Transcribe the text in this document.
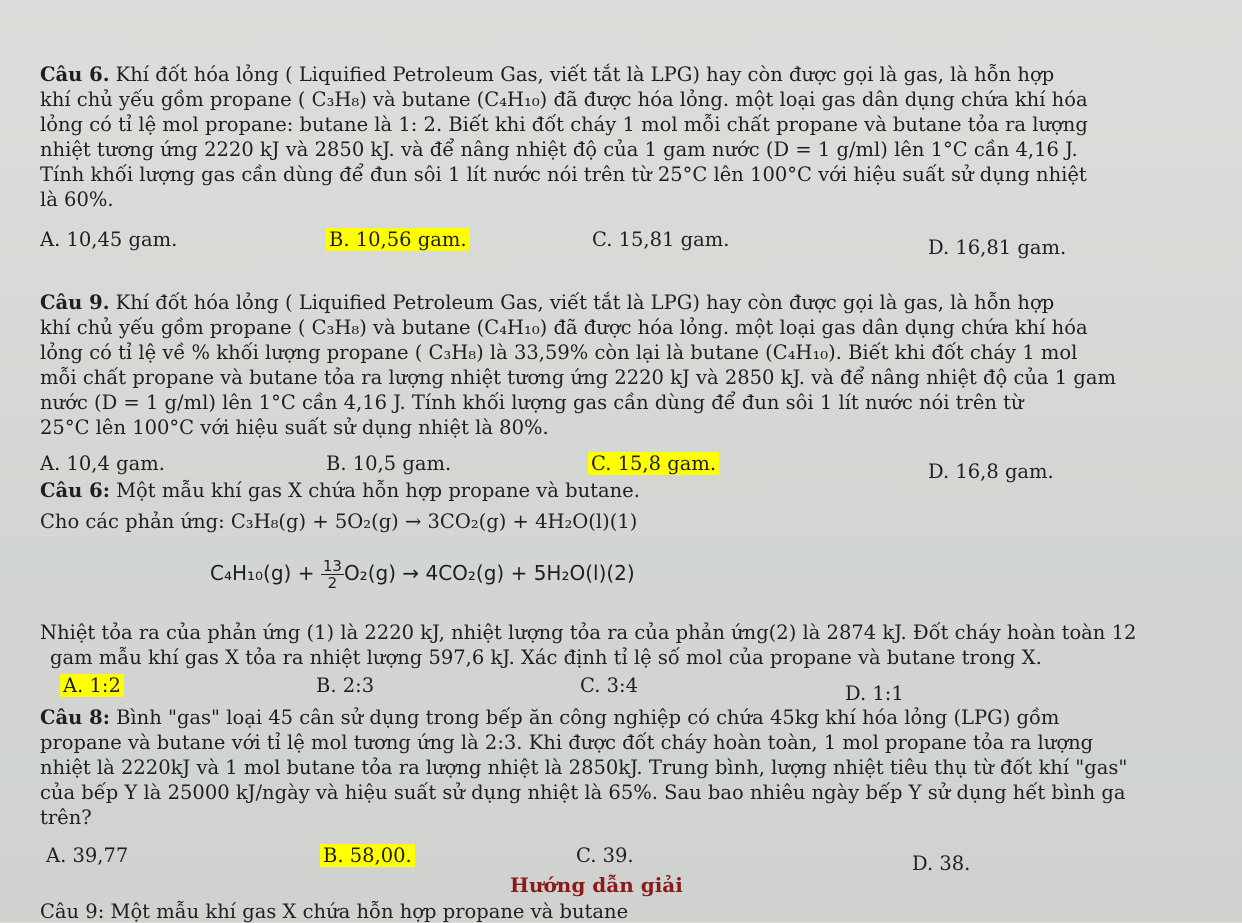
Câu 6. Khí đốt hóa lỏng ( Liquified Petroleum Gas, viết tắt là LPG) hay còn được gọi là gas, là hỗn hợp
khí chủ yếu gồm propane ( C₃H₈) và butane (C₄H₁₀) đã được hóa lỏng. một loại gas dân dụng chứa khí hóa
lỏng có tỉ lệ mol propane: butane là 1: 2. Biết khi đốt cháy 1 mol mỗi chất propane và butane tỏa ra lượng
nhiệt tương ứng 2220 kJ và 2850 kJ. và để nâng nhiệt độ của 1 gam nước (D = 1 g/ml) lên 1°C cần 4,16 J.
Tính khối lượng gas cần dùng để đun sôi 1 lít nước nói trên từ 25°C lên 100°C với hiệu suất sử dụng nhiệt
là 60%.
A. 10,45 gam.	B. 10,56 gam.	C. 15,81 gam.	D. 16,81 gam.
Câu 9. Khí đốt hóa lỏng ( Liquified Petroleum Gas, viết tắt là LPG) hay còn được gọi là gas, là hỗn hợp
khí chủ yếu gồm propane ( C₃H₈) và butane (C₄H₁₀) đã được hóa lỏng. một loại gas dân dụng chứa khí hóa
lỏng có tỉ lệ về % khối lượng propane ( C₃H₈) là 33,59% còn lại là butane (C₄H₁₀). Biết khi đốt cháy 1 mol
mỗi chất propane và butane tỏa ra lượng nhiệt tương ứng 2220 kJ và 2850 kJ. và để nâng nhiệt độ của 1 gam
nước (D = 1 g/ml) lên 1°C cần 4,16 J. Tính khối lượng gas cần dùng để đun sôi 1 lít nước nói trên từ
25°C lên 100°C với hiệu suất sử dụng nhiệt là 80%.
A. 10,4 gam.	B. 10,5 gam.	C. 15,8 gam.	D. 16,8 gam.
Câu 6: Một mẫu khí gas X chứa hỗn hợp propane và butane.
Cho các phản ứng: C₃H₈(g) + 5O₂(g) → 3CO₂(g) + 4H₂O(l)(1)
$C_4H_{10}(g) + \frac{13}{2} O_2(g) \to 4CO_2(g) + 5H_2O(l)(2)$
Nhiệt tỏa ra của phản ứng (1) là 2220 kJ, nhiệt lượng tỏa ra của phản ứng(2) là 2874 kJ. Đốt cháy hoàn toàn 12
gam mẫu khí gas X tỏa ra nhiệt lượng 597,6 kJ. Xác định tỉ lệ số mol của propane và butane trong X.
A. 1:2	B. 2:3	C. 3:4	D. 1:1
Câu 8: Bình "gas" loại 45 cân sử dụng trong bếp ăn công nghiệp có chứa 45kg khí hóa lỏng (LPG) gồm
propane và butane với tỉ lệ mol tương ứng là 2:3. Khi được đốt cháy hoàn toàn, 1 mol propane tỏa ra lượng
nhiệt là 2220kJ và 1 mol butane tỏa ra lượng nhiệt là 2850kJ. Trung bình, lượng nhiệt tiêu thụ từ đốt khí "gas"
của bếp Y là 25000 kJ/ngày và hiệu suất sử dụng nhiệt là 65%. Sau bao nhiêu ngày bếp Y sử dụng hết bình ga
trên?
A. 39,77	B. 58,00.	C. 39.	D. 38.
Hướng dẫn giải
Câu 9: Một mẫu khí gas X chứa hỗn hợp propane và butane
